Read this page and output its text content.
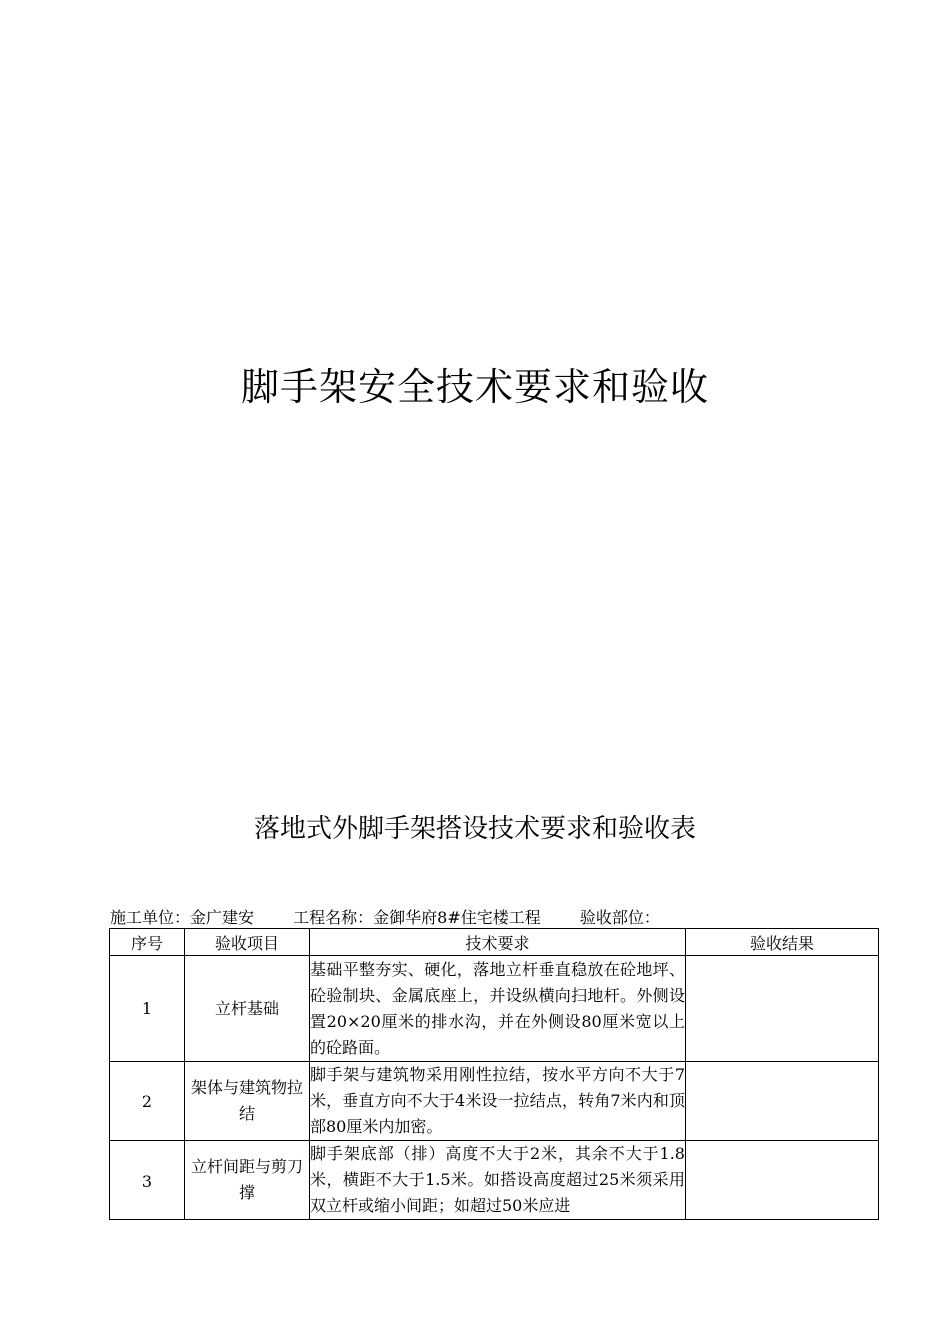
脚手架安全技术要求和验收
落地式外脚手架搭设技术要求和验收表
施工单位：金广建安 工程名称：金御华府8#住宅楼工程 验收部位：
序号	验收项目	技术要求	验收结果
1	立杆基础	基础平整夯实、硬化，落地立杆垂直稳放在砼地坪、砼验制块、金属底座上，并设纵横向扫地杆。外侧设置20×20厘米的排水沟，并在外侧设80厘米宽以上的砼路面。	
2	架体与建筑物拉结	脚手架与建筑物采用刚性拉结，按水平方向不大于7米，垂直方向不大于4米设一拉结点，转角7米内和顶部80厘米内加密。	
3	立杆间距与剪刀撑	脚手架底部（排）高度不大于2米，其余不大于1.8米，横距不大于1.5米。如搭设高度超过25米须采用双立杆或缩小间距；如超过50米应进	
